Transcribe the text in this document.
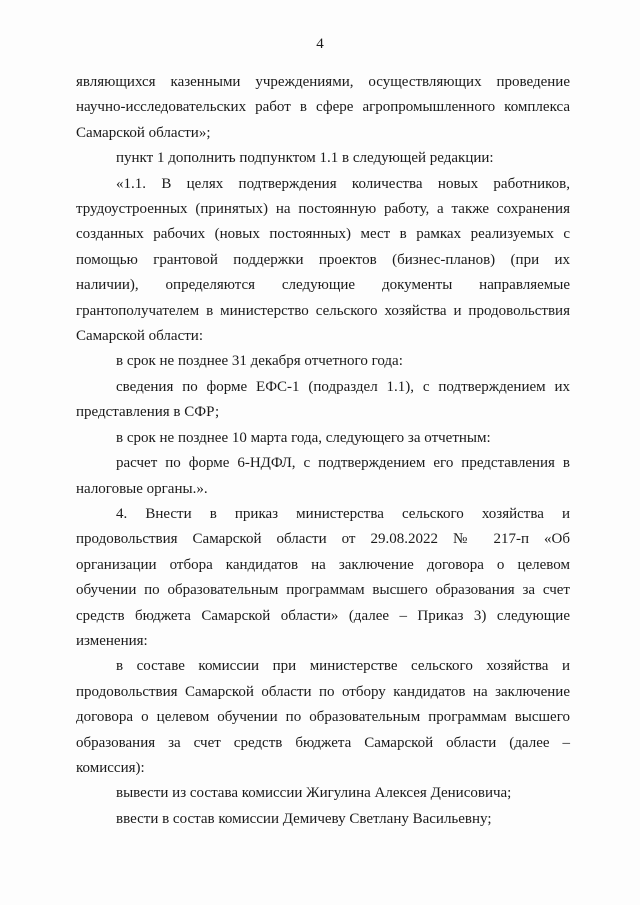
4
являющихся казенными учреждениями, осуществляющих проведение
научно-исследовательских работ в сфере агропромышленного комплекса
Самарской области»;
пункт 1 дополнить подпунктом 1.1 в следующей редакции:
«1.1. В целях подтверждения количества новых работников,
трудоустроенных (принятых) на постоянную работу, а также сохранения
созданных рабочих (новых постоянных) мест в рамках реализуемых с
помощью грантовой поддержки проектов (бизнес-планов) (при их
наличии), определяются следующие документы направляемые
грантополучателем в министерство сельского хозяйства и продовольствия
Самарской области:
в срок не позднее 31 декабря отчетного года:
сведения по форме ЕФС-1 (подраздел 1.1), с подтверждением их
представления в СФР;
в срок не позднее 10 марта года, следующего за отчетным:
расчет по форме 6-НДФЛ, с подтверждением его представления в
налоговые органы.».
4. Внести в приказ министерства сельского хозяйства и
продовольствия Самарской области от 29.08.2022 № 217-п «Об
организации отбора кандидатов на заключение договора о целевом
обучении по образовательным программам высшего образования за счет
средств бюджета Самарской области» (далее – Приказ 3) следующие
изменения:
в составе комиссии при министерстве сельского хозяйства и
продовольствия Самарской области по отбору кандидатов на заключение
договора о целевом обучении по образовательным программам высшего
образования за счет средств бюджета Самарской области (далее –
комиссия):
вывести из состава комиссии Жигулина Алексея Денисовича;
ввести в состав комиссии Демичеву Светлану Васильевну;
